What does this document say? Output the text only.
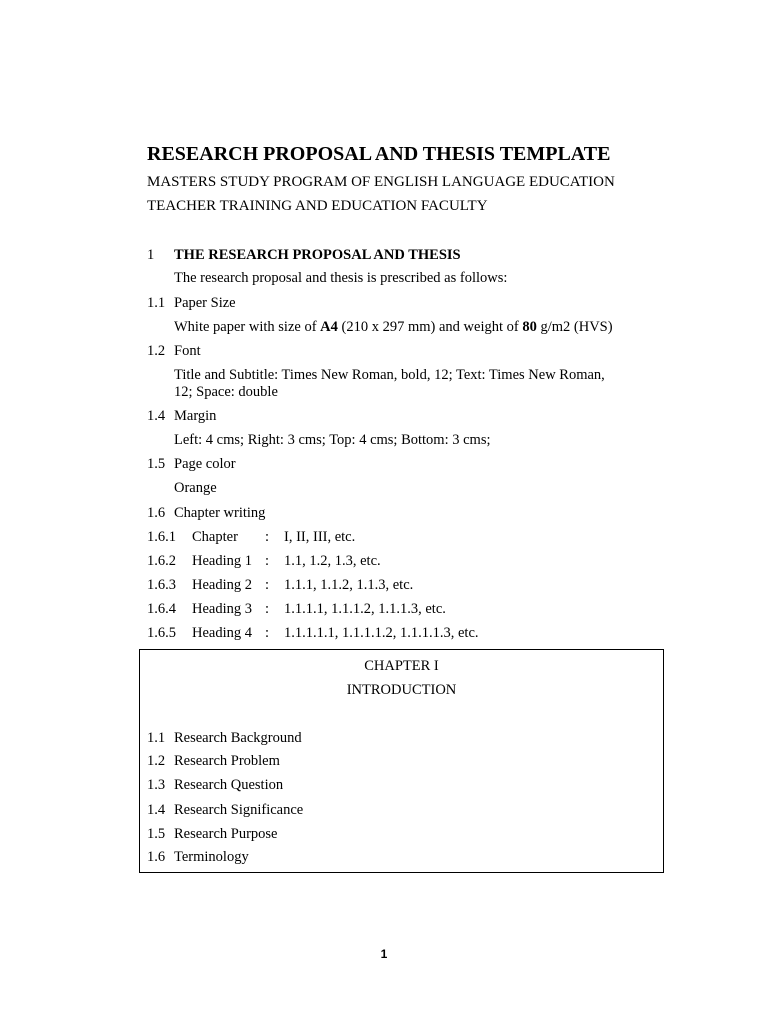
RESEARCH PROPOSAL AND THESIS TEMPLATE
MASTERS STUDY PROGRAM OF ENGLISH LANGUAGE EDUCATION
TEACHER TRAINING AND EDUCATION FACULTY
1 THE RESEARCH PROPOSAL AND THESIS
The research proposal and thesis is prescribed as follows:
1.1 Paper Size
White paper with size of A4 (210 x 297 mm) and weight of 80 g/m2 (HVS)
1.2 Font
Title and Subtitle: Times New Roman, bold, 12; Text: Times New Roman,
12; Space: double
1.4 Margin
Left: 4 cms; Right: 3 cms; Top: 4 cms; Bottom: 3 cms;
1.5 Page color
Orange
1.6 Chapter writing
1.6.1 Chapter : I, II, III, etc.
1.6.2 Heading 1 : 1.1, 1.2, 1.3, etc.
1.6.3 Heading 2 : 1.1.1, 1.1.2, 1.1.3, etc.
1.6.4 Heading 3 : 1.1.1.1, 1.1.1.2, 1.1.1.3, etc.
1.6.5 Heading 4 : 1.1.1.1.1, 1.1.1.1.2, 1.1.1.1.3, etc.
CHAPTER I
INTRODUCTION
1.1 Research Background
1.2 Research Problem
1.3 Research Question
1.4 Research Significance
1.5 Research Purpose
1.6 Terminology
1
